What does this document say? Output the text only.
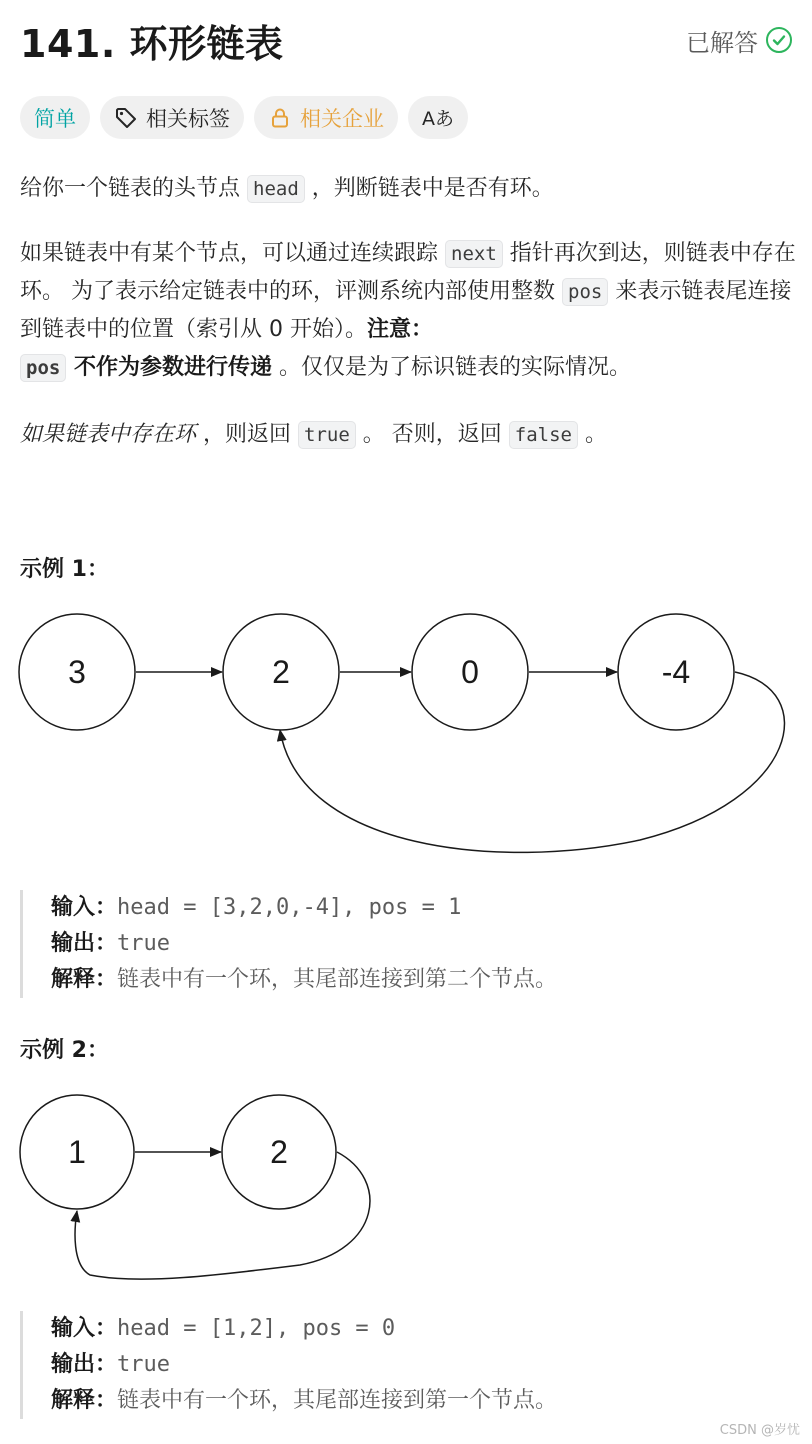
141. 环形链表	已解答
简单	相关标签	相关企业 Aあ

给你一个链表的头节点 head ，判断链表中是否有环。

如果链表中有某个节点，可以通过连续跟踪 next 指针再次到达，则链表中存在环。 为了表示给定链表中的环，评测系统内部使用整数 pos 来表示链表尾连接到链表中的位置（索引从 0 开始）。注意：
pos 不作为参数进行传递 。仅仅是为了标识链表的实际情况。

如果链表中存在环 ，则返回 true 。 否则，返回 false 。

示例 1：
3	2	0	-4
输入：head = [3,2,0,-4], pos = 1
输出：true
解释：链表中有一个环，其尾部连接到第二个节点。
示例 2：
1	2
输入：head = [1,2], pos = 0
输出：true
解释：链表中有一个环，其尾部连接到第一个节点。
CSDN @岁忧
